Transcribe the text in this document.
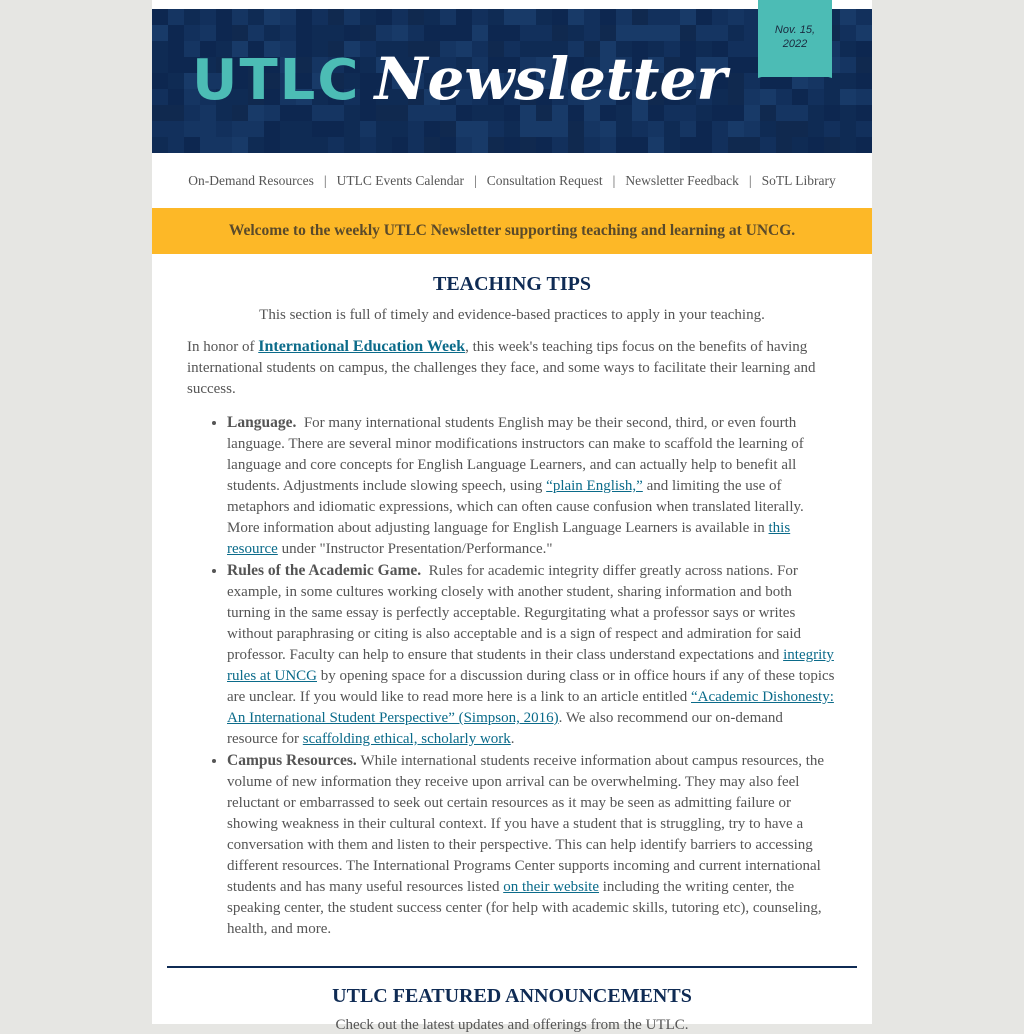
UTLC Newsletter
Nov. 15,
2022
On-Demand Resources | UTLC Events Calendar | Consultation Request | Newsletter Feedback | SoTL Library
Welcome to the weekly UTLC Newsletter supporting teaching and learning at UNCG.
TEACHING TIPS

This section is full of timely and evidence-based practices to apply in your teaching.

In honor of International Education Week, this week's teaching tips focus on the benefits of having international students on campus, the challenges they face, and some ways to facilitate their learning and success.

• Language. For many international students English may be their second, third, or even fourth language. There are several minor modifications instructors can make to scaffold the learning of language and core concepts for English Language Learners, and can actually help to benefit all students. Adjustments include slowing speech, using “plain English,” and limiting the use of metaphors and idiomatic expressions, which can often cause confusion when translated literally. More information about adjusting language for English Language Learners is available in this resource under "Instructor Presentation/Performance."
• Rules of the Academic Game. Rules for academic integrity differ greatly across nations. For example, in some cultures working closely with another student, sharing information and both turning in the same essay is perfectly acceptable. Regurgitating what a professor says or writes without paraphrasing or citing is also acceptable and is a sign of respect and admiration for said professor. Faculty can help to ensure that students in their class understand expectations and integrity rules at UNCG by opening space for a discussion during class or in office hours if any of these topics are unclear. If you would like to read more here is a link to an article entitled “Academic Dishonesty: An International Student Perspective” (Simpson, 2016). We also recommend our on-demand resource for scaffolding ethical, scholarly work.
• Campus Resources. While international students receive information about campus resources, the volume of new information they receive upon arrival can be overwhelming. They may also feel reluctant or embarrassed to seek out certain resources as it may be seen as admitting failure or showing weakness in their cultural context. If you have a student that is struggling, try to have a conversation with them and listen to their perspective. This can help identify barriers to accessing different resources. The International Programs Center supports incoming and current international students and has many useful resources listed on their website including the writing center, the speaking center, the student success center (for help with academic skills, tutoring etc), counseling, health, and more.
UTLC FEATURED ANNOUNCEMENTS

Check out the latest updates and offerings from the UTLC.
